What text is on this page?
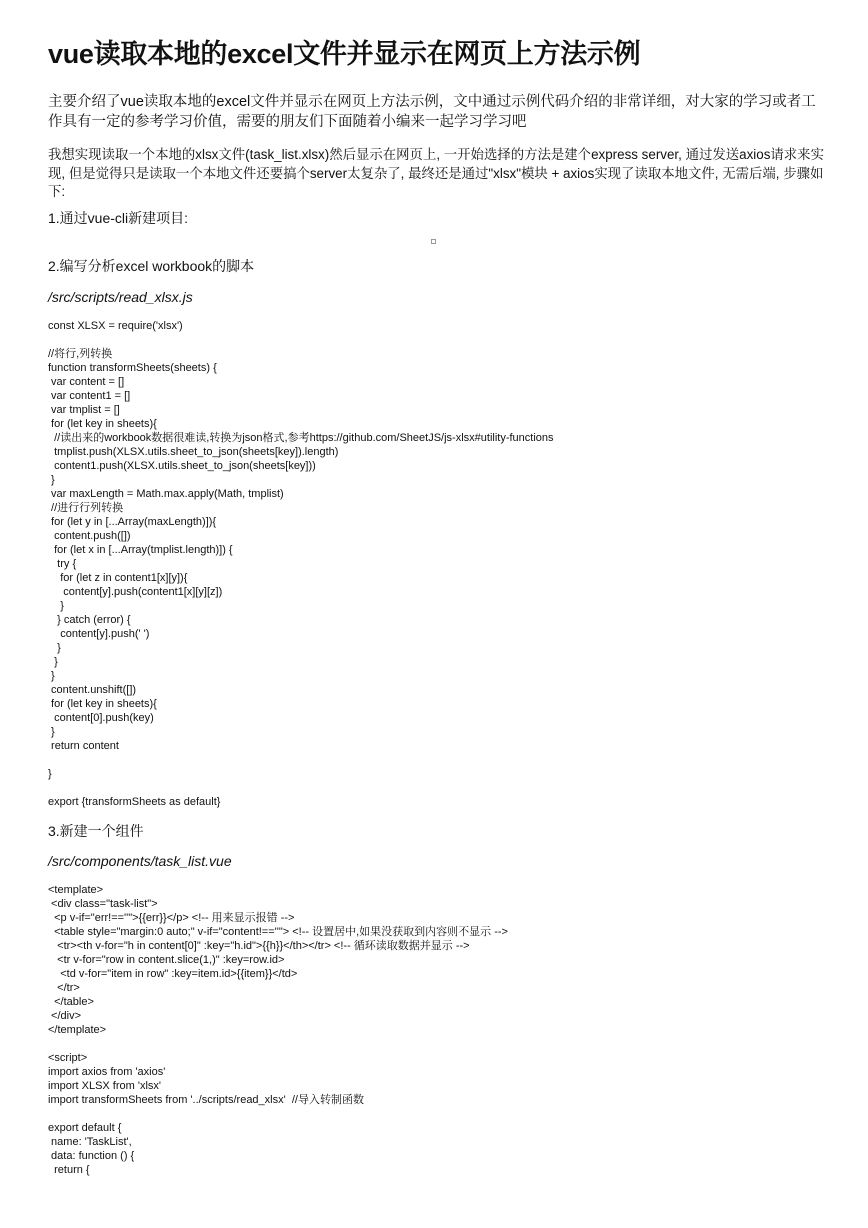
vue读取本地的excel文件并显示在网页上方法示例

主要介绍了vue读取本地的excel文件并显示在网页上方法示例，文中通过示例代码介绍的非常详细，对大家的学习或者工作具有一定的参考学习价值，需要的朋友们下面随着小编来一起学习学习吧

我想实现读取一个本地的xlsx文件(task_list.xlsx)然后显示在网页上, 一开始选择的方法是建个express server, 通过发送axios请求来实现, 但是觉得只是读取一个本地文件还要搞个server太复杂了, 最终还是通过"xlsx"模块 + axios实现了读取本地文件, 无需后端, 步骤如下:

1.通过vue-cli新建项目:

2.编写分析excel workbook的脚本

/src/scripts/read_xlsx.js

const XLSX = require('xlsx')
//将行,列转换
function transformSheets(sheets) {
var content = []
var content1 = []
var tmplist = []
for (let key in sheets){
//读出来的workbook数据很难读,转换为json格式,参考https://github.com/SheetJS/js-xlsx#utility-functions
tmplist.push(XLSX.utils.sheet_to_json(sheets[key]).length)
content1.push(XLSX.utils.sheet_to_json(sheets[key]))
}
var maxLength = Math.max.apply(Math, tmplist)
//进行行列转换
for (let y in [...Array(maxLength)]){
content.push([])
for (let x in [...Array(tmplist.length)]) {
try {
for (let z in content1[x][y]){
content[y].push(content1[x][y][z])
}
} catch (error) {
content[y].push(' ')
}
}
}
content.unshift([])
for (let key in sheets){
content[0].push(key)
}
return content
}
export {transformSheets as default}

3.新建一个组件

/src/components/task_list.vue

<template>
<div class="task-list">
<p v-if="err!==''">{{err}}</p> <!-- 用来显示报错 -->
<table style="margin:0 auto;" v-if="content!==''"> <!-- 设置居中,如果没获取到内容则不显示 -->
<tr><th v-for="h in content[0]" :key="h.id">{{h}}</th></tr> <!-- 循环读取数据并显示 -->
<tr v-for="row in content.slice(1,)" :key=row.id>
<td v-for="item in row" :key=item.id>{{item}}</td>
</tr>
</table>
</div>
</template>
<script>
import axios from 'axios'
import XLSX from 'xlsx'
import transformSheets from '../scripts/read_xlsx'  //导入转制函数
export default {
name: 'TaskList',
data: function () {
return {
